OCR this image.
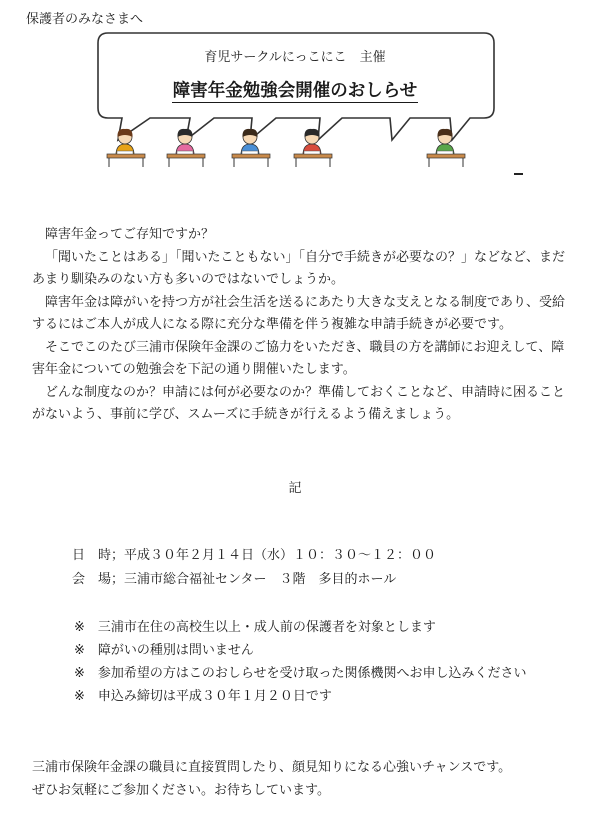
保護者のみなさまへ
育児サークルにっこにこ　主催
障害年金勉強会開催のおしらせ

障害年金ってご存知ですか？

「聞いたことはある」「聞いたこともない」「自分で手続きが必要なの？」などなど、まだあまり馴染みのない方も多いのではないでしょうか。

障害年金は障がいを持つ方が社会生活を送るにあたり大きな支えとなる制度であり、受給するにはご本人が成人になる際に充分な準備を伴う複雑な申請手続きが必要です。

そこでこのたび三浦市保険年金課のご協力をいただき、職員の方を講師にお迎えして、障害年金についての勉強会を下記の通り開催いたします。

どんな制度なのか？申請には何が必要なのか？準備しておくことなど、申請時に困ることがないよう、事前に学び、スムーズに手続きが行えるよう備えましょう。

記
日　時；平成３０年２月１４日（水）１０：３０～１２：００
会　場；三浦市総合福祉センター　３階　多目的ホール
※　三浦市在住の高校生以上・成人前の保護者を対象とします
※　障がいの種別は問いません
※　参加希望の方はこのおしらせを受け取った関係機関へお申し込みください
※　申込み締切は平成３０年１月２０日です
三浦市保険年金課の職員に直接質問したり、顔見知りになる心強いチャンスです。
ぜひお気軽にご参加ください。お待ちしています。
